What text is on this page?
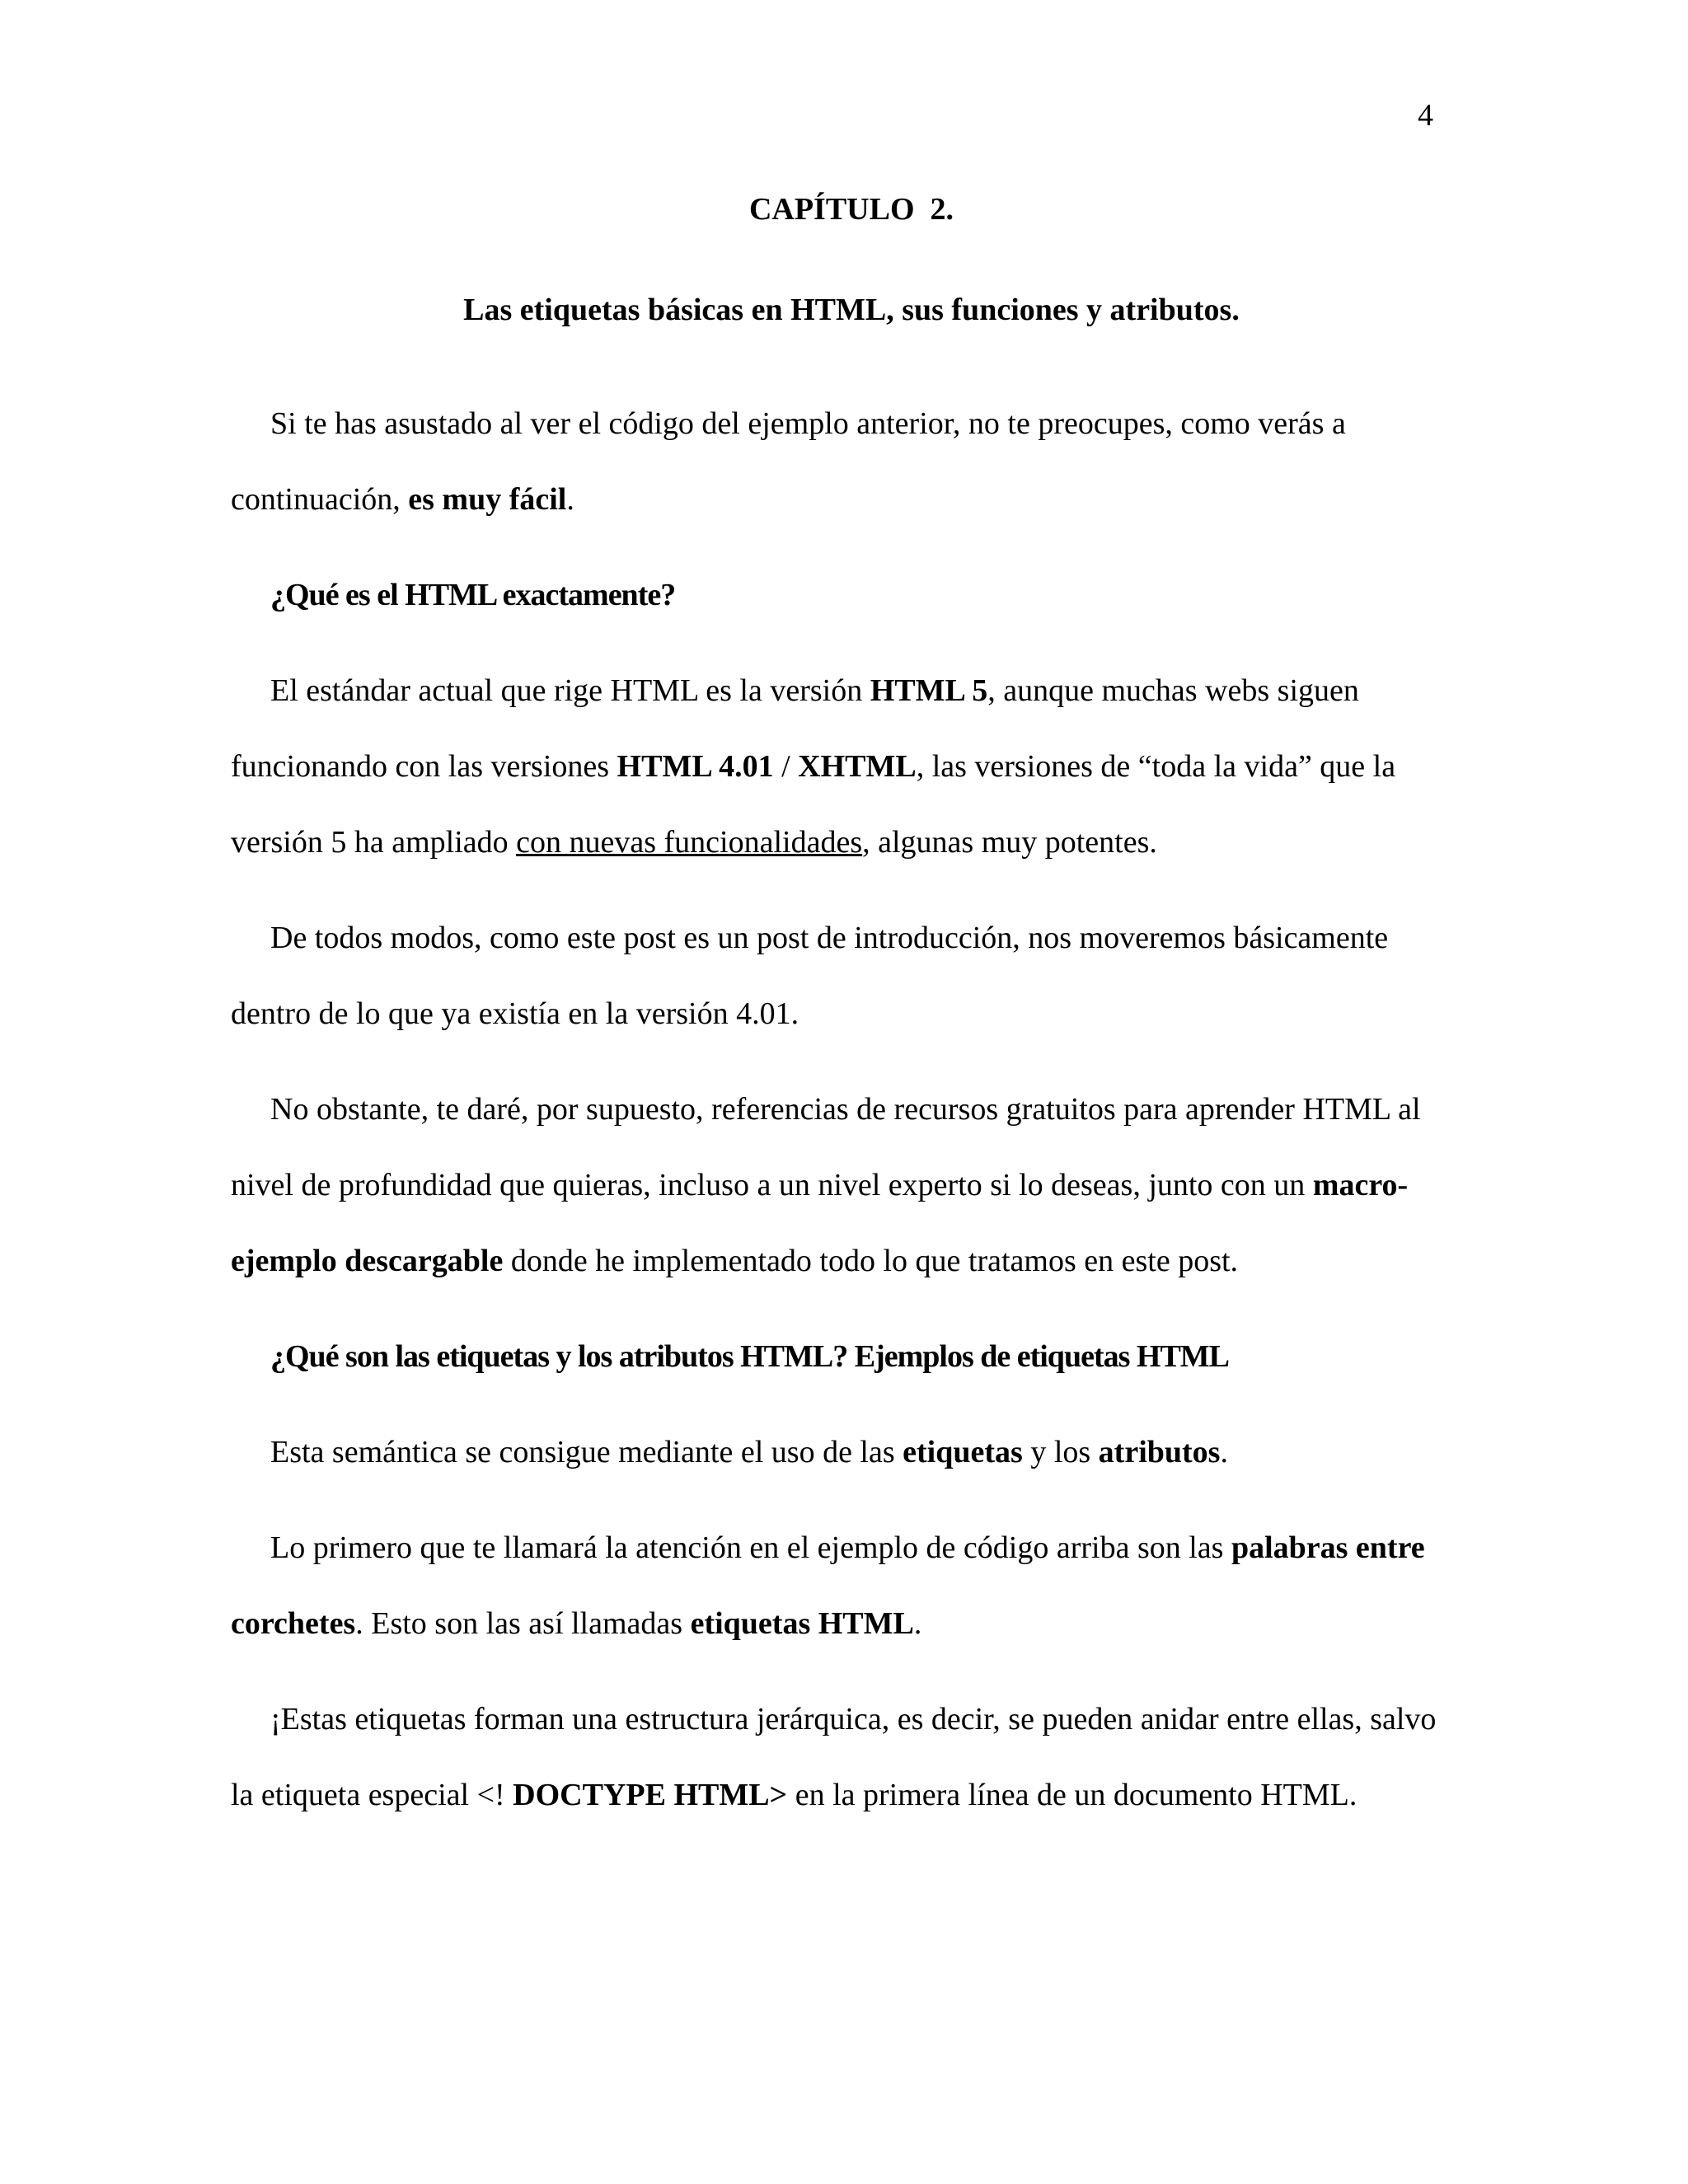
4
CAPÍTULO  2.
Las etiquetas básicas en HTML, sus funciones y atributos.

Si te has asustado al ver el código del ejemplo anterior, no te preocupes, como verás a continuación, es muy fácil.

¿Qué es el HTML exactamente?

El estándar actual que rige HTML es la versión HTML 5, aunque muchas webs siguen funcionando con las versiones HTML 4.01 / XHTML, las versiones de “toda la vida” que la versión 5 ha ampliado con nuevas funcionalidades, algunas muy potentes.

De todos modos, como este post es un post de introducción, nos moveremos básicamente dentro de lo que ya existía en la versión 4.01.

No obstante, te daré, por supuesto, referencias de recursos gratuitos para aprender HTML al nivel de profundidad que quieras, incluso a un nivel experto si lo deseas, junto con un macro-ejemplo descargable donde he implementado todo lo que tratamos en este post.

¿Qué son las etiquetas y los atributos HTML? Ejemplos de etiquetas HTML

Esta semántica se consigue mediante el uso de las etiquetas y los atributos.

Lo primero que te llamará la atención en el ejemplo de código arriba son las palabras entre corchetes. Esto son las así llamadas etiquetas HTML.

¡Estas etiquetas forman una estructura jerárquica, es decir, se pueden anidar entre ellas, salvo la etiqueta especial <! DOCTYPE HTML> en la primera línea de un documento HTML.
